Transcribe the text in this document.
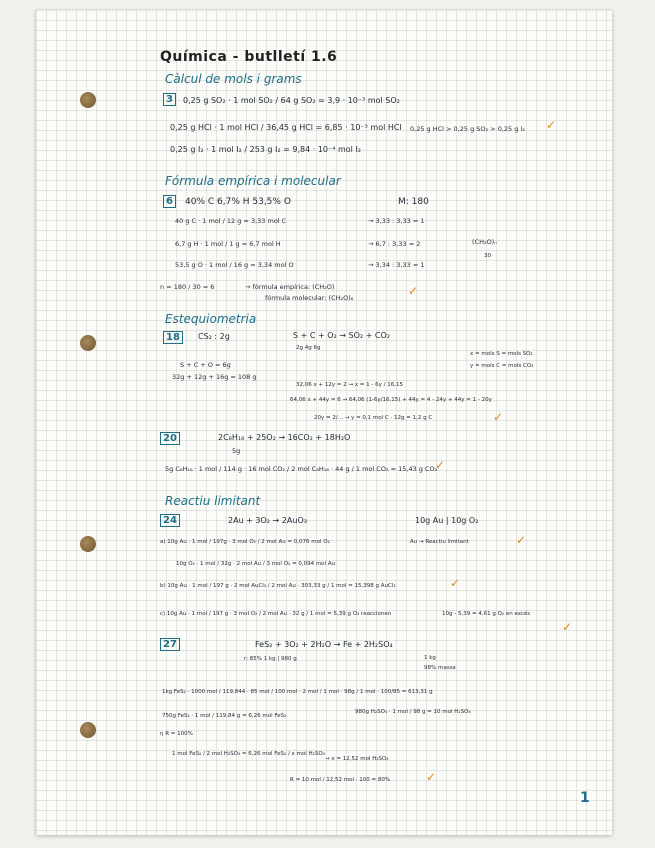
Química - butlletí 1.6
Càlcul de mols i grams
3	0,25 g SO₂ · 1 mol SO₂ / 64 g SO₂ = 3,9 · 10⁻³ mol SO₂
0,25 g HCl · 1 mol HCl / 36,45 g HCl = 6,85 · 10⁻³ mol HCl 0,25 g HCl > 0,25 g SO₂ > 0,25 g I₂ ✓
0,25 g I₂ · 1 mol I₂ / 253 g I₂ = 9,84 · 10⁻⁴ mol I₂
Fórmula empírica i molecular
6	40% C 6,7% H 53,5% O	M: 180
40 g C · 1 mol / 12 g = 3,33 mol C	→ 3,33 : 3,33 = 1
6,7 g H · 1 mol / 1 g = 6,7 mol H	→ 6,7 : 3,33 = 2	(CH₂O)ₙ
30
53,5 g O · 1 mol / 16 g = 3,34 mol O	→ 3,34 : 3,33 = 1
n = 180 / 30 = 6	→ fórmula empírica: (CH₂O)
fórmula molecular: (CH₂O)₆	✓
Estequiometria
18	CS₂ : 2g	S + C + O₂ → SO₂ + CO₂
2g 4g 6g
S + C + O = 6g
32g + 12g + 16g = 108 g
x = mols S = mols SO₂
y = mols C = mols CO₂
32,06 x + 12y = 2 → x = 1 - 6y / 16,15
64,06 x + 44y = 6 → 64,06 (1-6y/16,15) + 44y = 4 - 24y + 44y = 1 - 20y
20y = 2/... → y = 0,1 mol C · 12g = 1,2 g C	✓
20	2C₈H₁₈ + 25O₂ → 16CO₂ + 18H₂O
5g
5g C₈H₁₈ · 1 mol / 114 g · 16 mol CO₂ / 2 mol C₈H₁₈ · 44 g / 1 mol CO₂ = 15,43 g CO₂
✓
Reactiu limitant
24	2Au + 3O₂ → 2AuO₃	10g Au | 10g O₂
a) 10g Au · 1 mol / 197g · 3 mol O₂ / 2 mol Au = 0,076 mol O₂	Au → Reactiu limitant	✓
10g O₂ · 1 mol / 32g · 2 mol Au / 3 mol O₂ = 0,094 mol Au
b) 10g Au · 1 mol / 197 g · 2 mol AuCl₃ / 2 mol Au · 303,33 g / 1 mol = 15,398 g AuCl₃	✓
c) 10g Au · 1 mol / 197 g · 3 mol O₂ / 2 mol Au · 32 g / 1 mol = 5,39 g O₂ reaccionen	10g - 5,39 = 4,61 g O₂ en excés
✓
27	FeS₂ + 3O₂ + 2H₂O → Fe + 2H₂SO₄
r: 85% 1 kg | 980 g	1 kg
98% massa
1kg FeS₂ · 1000 mol / 119,844 · 85 mol / 100 mol · 2 mol / 1 mol · 98g / 1 mol · 100/85 = 613,31 g
750g FeS₂ · 1 mol / 119,84 g = 6,26 mol FeS₂
980g H₂SO₄ · 1 mol / 98 g = 10 mol H₂SO₄
η R = 100%
1 mol FeS₂ / 2 mol H₂SO₄ = 6,26 mol FeS₂ / x mol H₂SO₄
→ x = 12,52 mol H₂SO₄
R = 10 mol / 12,52 mol · 100 = 80%	✓
1
